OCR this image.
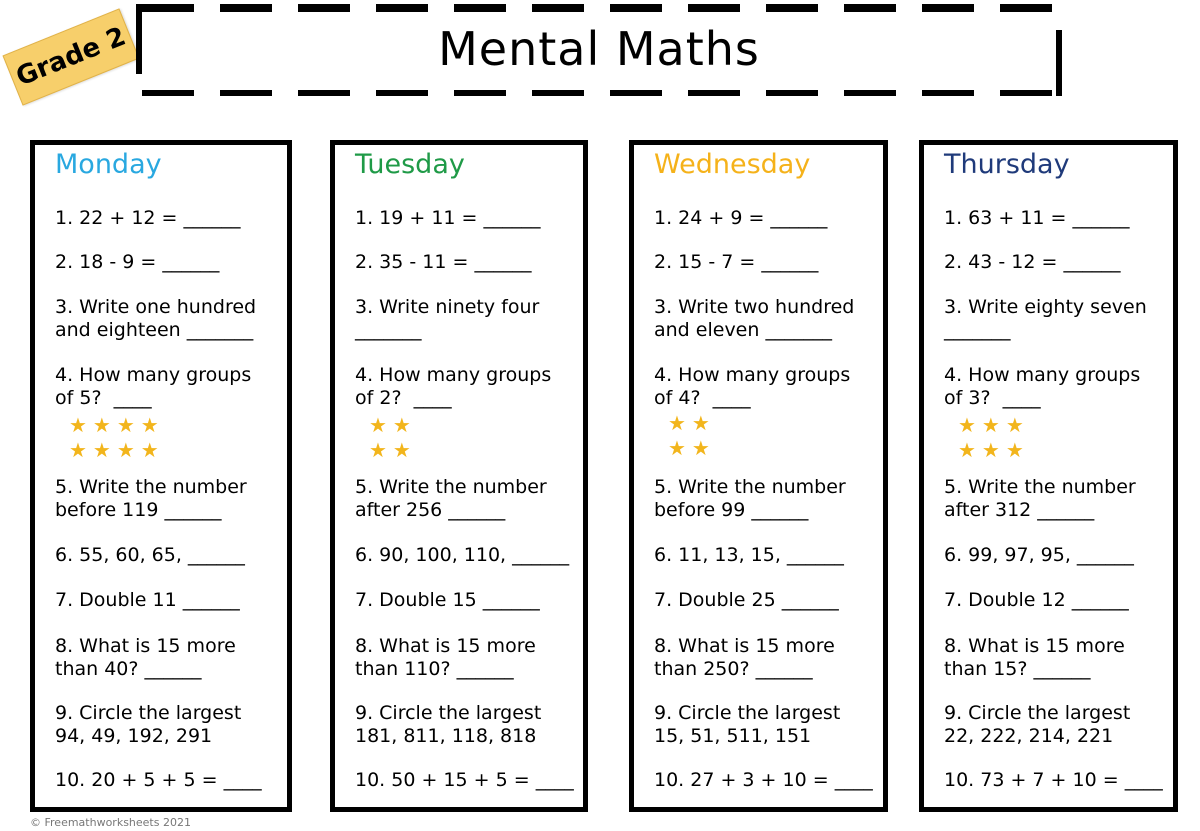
Grade 2	Mental Maths
Monday
1. 22 + 12 = ______
2. 18 - 9 = ______
3. Write one hundred
and eighteen _______
4. How many groups
of 5?  ____
★★★★
★★★★
5. Write the number
before 119 ______
6. 55, 60, 65, ______
7. Double 11 ______
8. What is 15 more
than 40? ______
9. Circle the largest
94, 49, 192, 291
10. 20 + 5 + 5 = ____
Tuesday
1. 19 + 11 = ______
2. 35 - 11 = ______
3. Write ninety four
_______
4. How many groups
of 2?  ____
★★
★★
5. Write the number
after 256 ______
6. 90, 100, 110, ______
7. Double 15 ______
8. What is 15 more
than 110? ______
9. Circle the largest
181, 811, 118, 818
10. 50 + 15 + 5 = ____
Wednesday
1. 24 + 9 = ______
2. 15 - 7 = ______
3. Write two hundred
and eleven _______
4. How many groups
of 4?  ____
★★
★★
5. Write the number
before 99 ______
6. 11, 13, 15, ______
7. Double 25 ______
8. What is 15 more
than 250? ______
9. Circle the largest
15, 51, 511, 151
10. 27 + 3 + 10 = ____
Thursday
1. 63 + 11 = ______
2. 43 - 12 = ______
3. Write eighty seven
_______
4. How many groups
of 3?  ____
★★★
★★★
5. Write the number
after 312 ______
6. 99, 97, 95, ______
7. Double 12 ______
8. What is 15 more
than 15? ______
9. Circle the largest
22, 222, 214, 221
10. 73 + 7 + 10 = ____
© Freemathworksheets 2021
